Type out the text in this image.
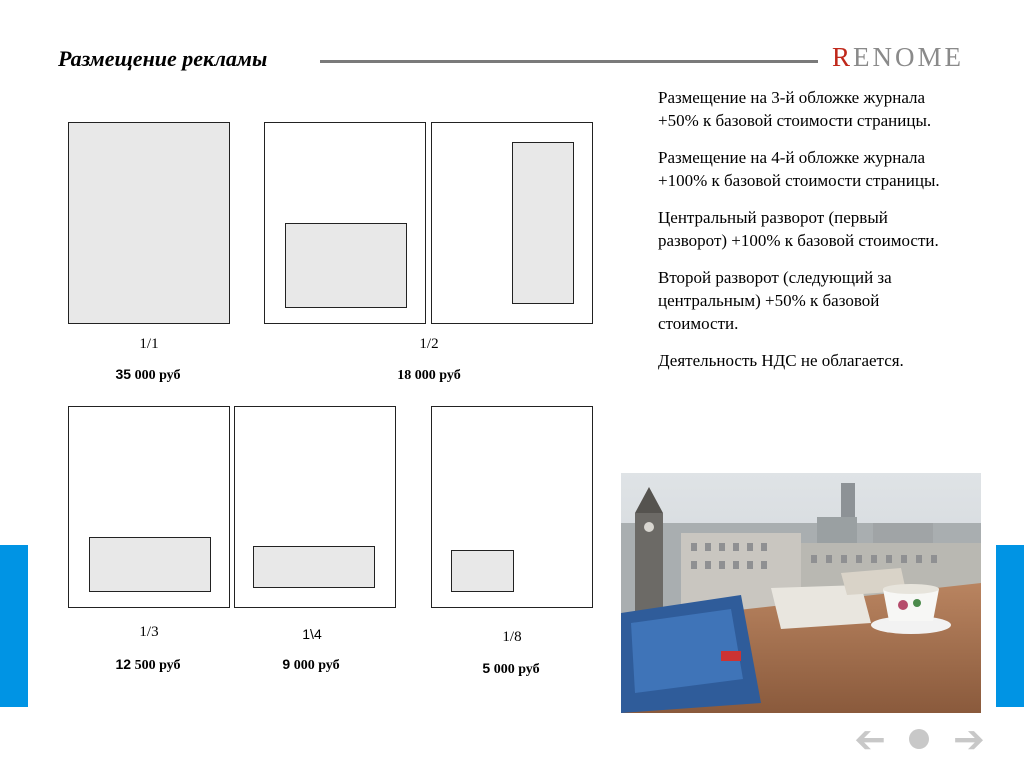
Размещение рекламы	RENOME
1/1
35 000 руб
1/2
18 000 руб
1/3
12 500 руб
1\4
9 000 руб
1/8
5 000 руб

Размещение на 3-й обложке журнала +50% к базовой стоимости страницы.

Размещение на 4-й обложке журнала +100% к базовой стоимости страницы.

Центральный разворот (первый разворот) +100% к базовой стоимости.

Второй разворот (следующий за центральным) +50% к базовой стоимости.

Деятельность НДС не облагается.

➔ ➔
